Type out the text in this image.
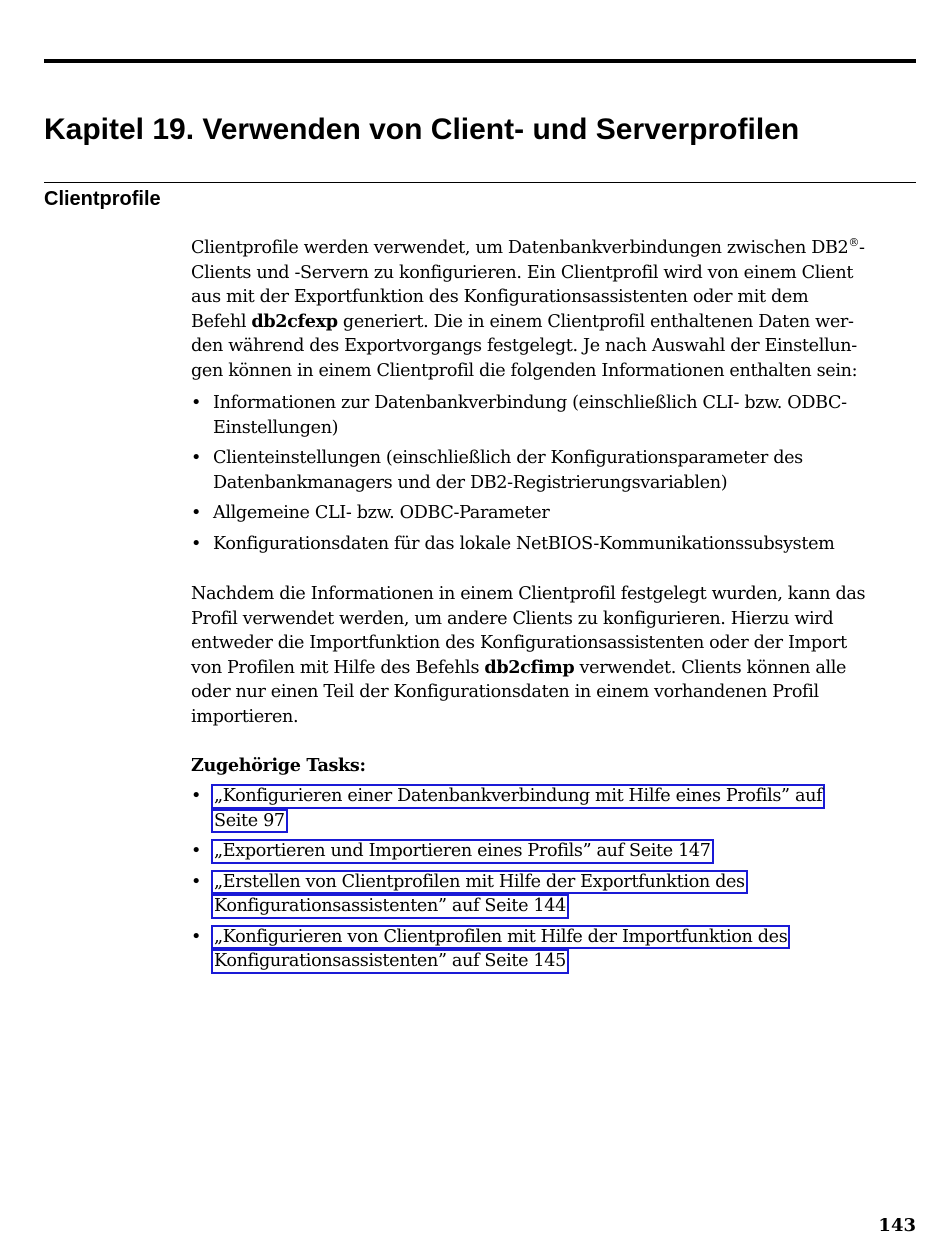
Kapitel 19. Verwenden von Client- und Serverprofilen
Clientprofile
Clientprofile werden verwendet, um Datenbankverbindungen zwischen DB2®-
Clients und -Servern zu konfigurieren. Ein Clientprofil wird von einem Client
aus mit der Exportfunktion des Konfigurationsassistenten oder mit dem
Befehl db2cfexp generiert. Die in einem Clientprofil enthaltenen Daten wer-
den während des Exportvorgangs festgelegt. Je nach Auswahl der Einstellun-
gen können in einem Clientprofil die folgenden Informationen enthalten sein:
• Informationen zur Datenbankverbindung (einschließlich CLI- bzw. ODBC-
Einstellungen)
• Clienteinstellungen (einschließlich der Konfigurationsparameter des
Datenbankmanagers und der DB2-Registrierungsvariablen)
• Allgemeine CLI- bzw. ODBC-Parameter
• Konfigurationsdaten für das lokale NetBIOS-Kommunikationssubsystem
Nachdem die Informationen in einem Clientprofil festgelegt wurden, kann das
Profil verwendet werden, um andere Clients zu konfigurieren. Hierzu wird
entweder die Importfunktion des Konfigurationsassistenten oder der Import
von Profilen mit Hilfe des Befehls db2cfimp verwendet. Clients können alle
oder nur einen Teil der Konfigurationsdaten in einem vorhandenen Profil
importieren.
Zugehörige Tasks:
• „Konfigurieren einer Datenbankverbindung mit Hilfe eines Profils” auf
Seite 97
• „Exportieren und Importieren eines Profils” auf Seite 147
• „Erstellen von Clientprofilen mit Hilfe der Exportfunktion des
Konfigurationsassistenten” auf Seite 144
• „Konfigurieren von Clientprofilen mit Hilfe der Importfunktion des
Konfigurationsassistenten” auf Seite 145
143
